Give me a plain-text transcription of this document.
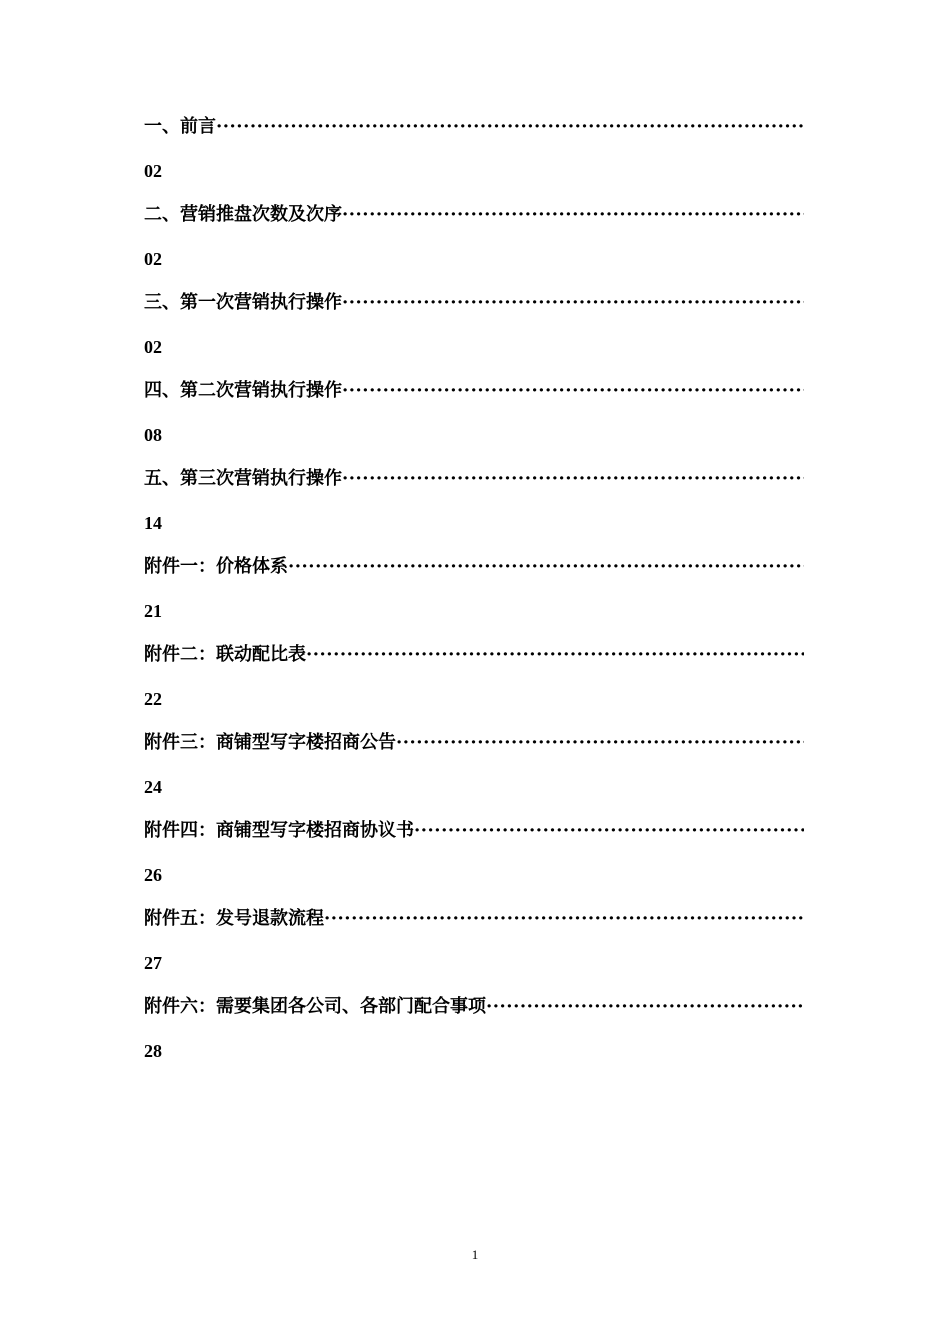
一、前言
·····
02
二、营销推盘次数及次序
·····
02
三、第一次营销执行操作
·····
02
四、第二次营销执行操作
·····
08
五、第三次营销执行操作
·····
14
附件一：价格体系
·····
21
附件二：联动配比表
·····
22
附件三：商铺型写字楼招商公告
·····
24
附件四：商铺型写字楼招商协议书
·····
26
附件五：发号退款流程
·····
27
附件六：需要集团各公司、各部门配合事项
·····
28
1
